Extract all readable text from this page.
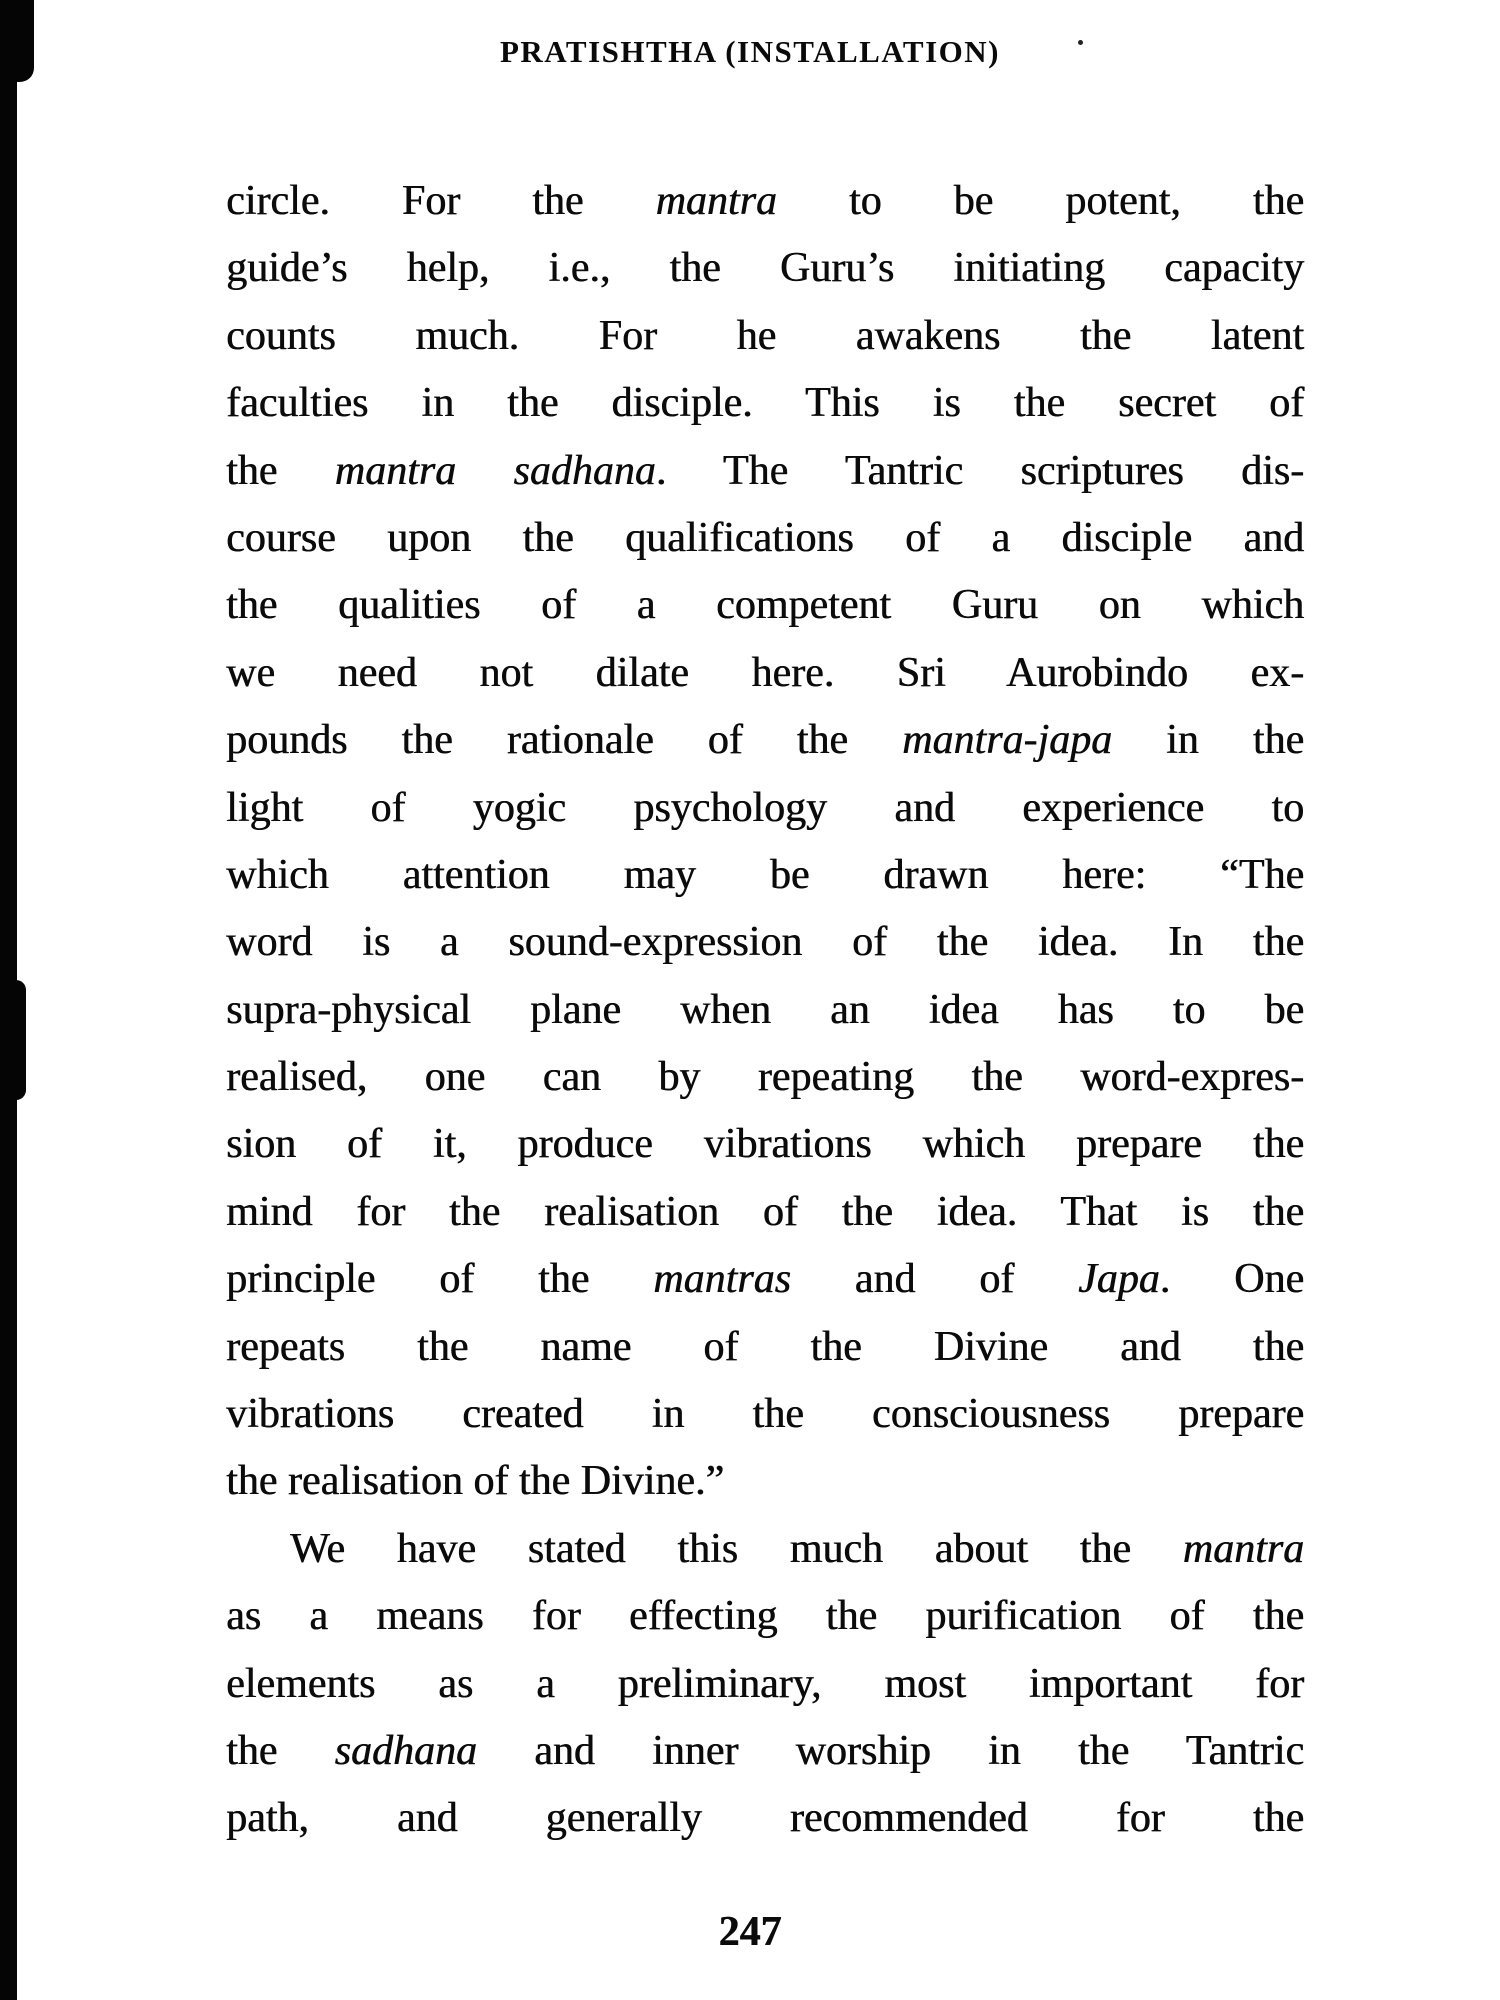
PRATISHTHA (INSTALLATION)
circle. For the mantra to be potent, the
guide’s help, i.e., the Guru’s initiating capacity
counts much. For he awakens the latent
faculties in the disciple. This is the secret of
the mantra sadhana. The Tantric scriptures dis-
course upon the qualifications of a disciple and
the qualities of a competent Guru on which
we need not dilate here. Sri Aurobindo ex-
pounds the rationale of the mantra-japa in the
light of yogic psychology and experience to
which attention may be drawn here: “The
word is a sound-expression of the idea. In the
supra-physical plane when an idea has to be
realised, one can by repeating the word-expres-
sion of it, produce vibrations which prepare the
mind for the realisation of the idea. That is the
principle of the mantras and of Japa. One
repeats the name of the Divine and the
vibrations created in the consciousness prepare
the realisation of the Divine.”
We have stated this much about the mantra
as a means for effecting the purification of the
elements as a preliminary, most important for
the sadhana and inner worship in the Tantric
path, and generally recommended for the
247
